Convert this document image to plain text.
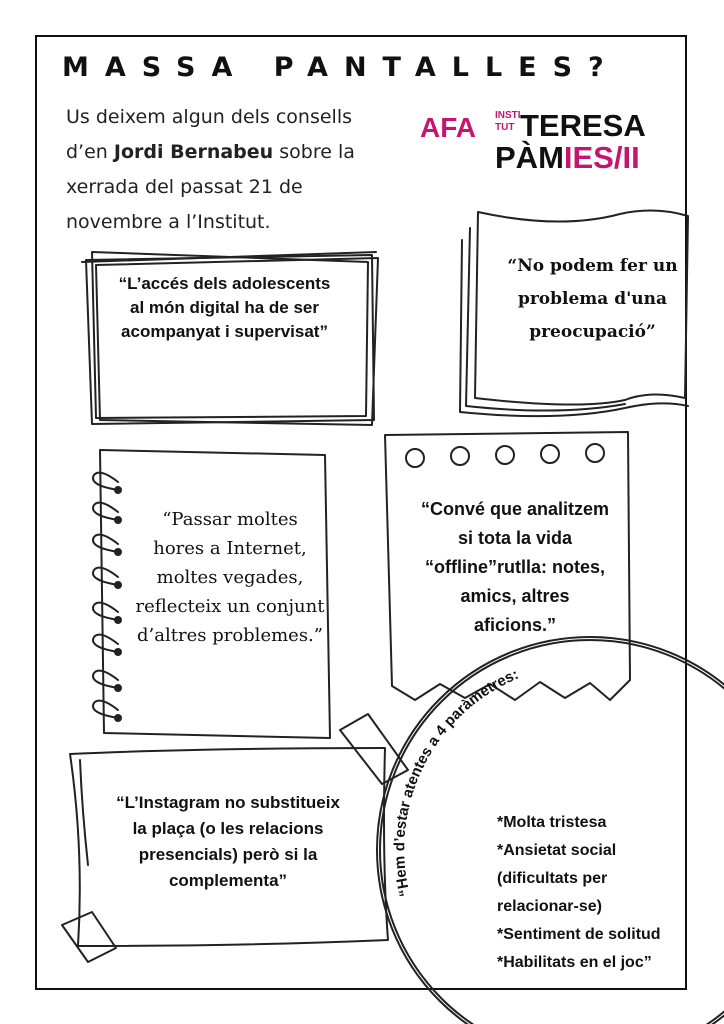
MASSA PANTALLES?
Us deixem algun dels consells d’en Jordi Bernabeu sobre la xerrada del passat 21 de novembre a l’Institut.
AFA INSTI
TUT TERESA
PÀMIES/II
“Hem d’estar atentes a 4 paràmetres:
“L’accés dels adolescents al món digital ha de ser acompanyat i supervisat”
“No podem fer un problema d'una preocupació”
“Passar moltes hores a Internet, moltes vegades, reflecteix un conjunt d’altres problemes.”
“Convé que analitzem si tota la vida “offline”rutlla: notes, amics, altres aficions.”
“L’Instagram no substitueix la plaça (o les relacions presencials) però si la complementa”
*Molta tristesa
*Ansietat social
(dificultats per
relacionar-se)
*Sentiment de solitud
*Habilitats en el joc”
